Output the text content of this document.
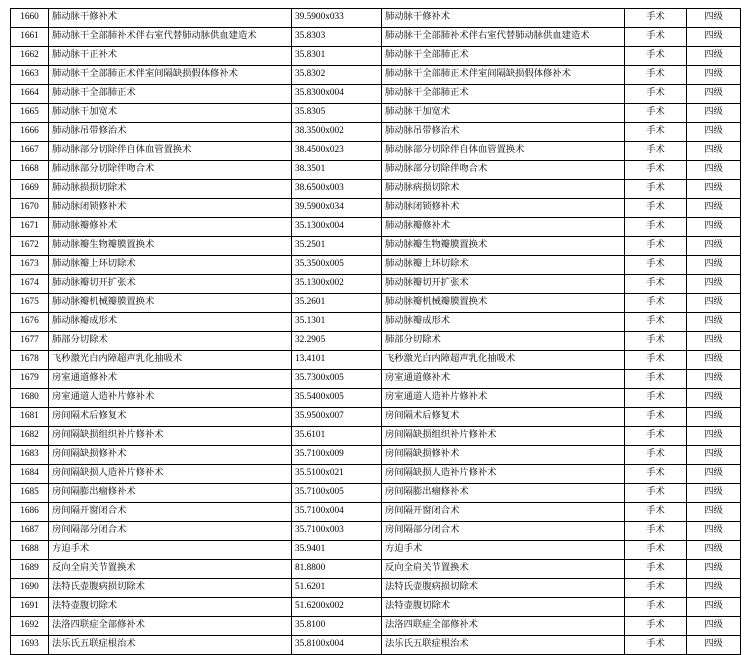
1660	肺动脉干修补术	39.5900x033	肺动脉干修补术	手术	四级
1661	肺动脉干全部肺补术伴右室代替肺动脉供血建造术	35.8303	肺动脉干全部肺补术伴右室代替肺动脉供血建造术	手术	四级
1662	肺动脉干正补术	35.8301	肺动脉干全部肺正术	手术	四级
1663	肺动脉干全部肺正术伴室间隔缺损假体修补术	35.8302	肺动脉干全部肺正术伴室间隔缺损假体修补术	手术	四级
1664	肺动脉干全部肺正术	35.8300x004	肺动脉干全部肺正术	手术	四级
1665	肺动脉干加宽术	35.8305	肺动脉干加宽术	手术	四级
1666	肺动脉吊带修治术	38.3500x002	肺动脉吊带修治术	手术	四级
1667	肺动脉部分切除伴自体血管置换术	38.4500x023	肺动脉部分切除伴自体血管置换术	手术	四级
1668	肺动脉部分切除伴吻合术	38.3501	肺动脉部分切除伴吻合术	手术	四级
1669	肺动脉损损切除术	38.6500x003	肺动脉病损切除术	手术	四级
1670	肺动脉闭锁修补术	39.5900x034	肺动脉闭锁修补术	手术	四级
1671	肺动脉瓣修补术	35.1300x004	肺动脉瓣修补术	手术	四级
1672	肺动脉瓣生物瓣膜置换术	35.2501	肺动脉瓣生物瓣膜置换术	手术	四级
1673	肺动脉瓣上环切除术	35.3500x005	肺动脉瓣上环切除术	手术	四级
1674	肺动脉瓣切开扩张术	35.1300x002	肺动脉瓣切开扩张术	手术	四级
1675	肺动脉瓣机械瓣膜置换术	35.2601	肺动脉瓣机械瓣膜置换术	手术	四级
1676	肺动脉瓣成形术	35.1301	肺动脉瓣成形术	手术	四级
1677	肺部分切除术	32.2905	肺部分切除术	手术	四级
1678	飞秒激光白内障超声乳化抽吸术	13.4101	飞秒激光白内障超声乳化抽吸术	手术	四级
1679	房室通道修补术	35.7300x005	房室通道修补术	手术	四级
1680	房室通道人造补片修补术	35.5400x005	房室通道人造补片修补术	手术	四级
1681	房间隔术后修复术	35.9500x007	房间隔术后修复术	手术	四级
1682	房间隔缺损组织补片修补术	35.6101	房间隔缺损组织补片修补术	手术	四级
1683	房间隔缺损修补术	35.7100x009	房间隔缺损修补术	手术	四级
1684	房间隔缺损人造补片修补术	35.5100x021	房间隔缺损人造补片修补术	手术	四级
1685	房间隔膨出瘤修补术	35.7100x005	房间隔膨出瘤修补术	手术	四级
1686	房间隔开窗闭合术	35.7100x004	房间隔开窗闭合术	手术	四级
1687	房间隔部分闭合术	35.7100x003	房间隔部分闭合术	手术	四级
1688	方迫手术	35.9401	方迫手术	手术	四级
1689	反向全肩关节置换术	81.8800	反向全肩关节置换术	手术	四级
1690	法特氏壶腹病损切除术	51.6201	法特氏壶腹病损切除术	手术	四级
1691	法特壶腹切除术	51.6200x002	法特壶腹切除术	手术	四级
1692	法洛四联症全部修补术	35.8100	法洛四联症全部修补术	手术	四级
1693	法乐氏五联症根治术	35.8100x004	法乐氏五联症根治术	手术	四级
